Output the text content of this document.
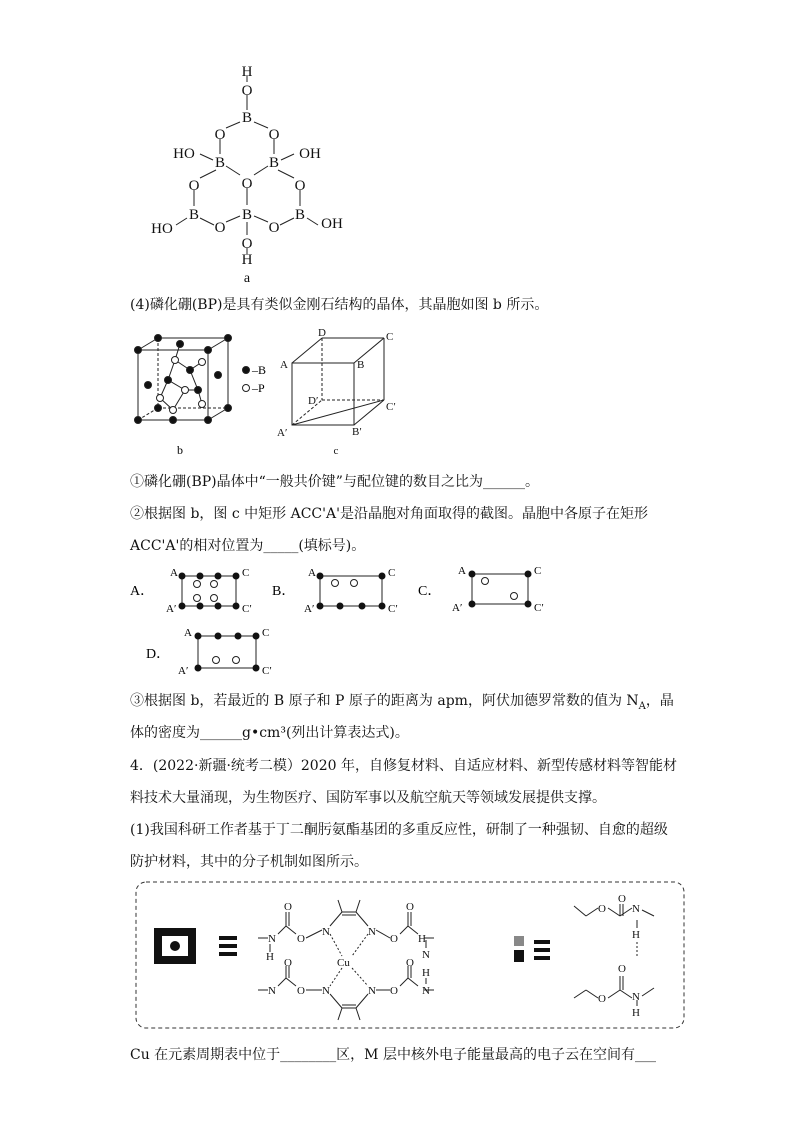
H
O
B
O	O
HO
B	B
OH
O
O	O
B	B	B
O	O
HO	OH
O
H
a
(4)磷化硼(BP)是具有类似金刚石结构的晶体，其晶胞如图 b 所示。
–B
–P
b
D	C
A	B
D′	C′
A′	B′
c
①磷化硼(BP)晶体中“一般共价键”与配位键的数目之比为______。
②根据图 b，图 c 中矩形 ACC'A'是沿晶胞对角面取得的截图。晶胞中各原子在矩形
ACC'A'的相对位置为_____(填标号)。
A．
A	C
A′	C′
B．
A	C
A′	C′
C．
A	C
A′	C′
D．
A	C
A′	C′
③根据图 b，若最近的 B 原子和 P 原子的距离为 apm，阿伏加德罗常数的值为 $N_A$，晶
体的密度为______g•cm³(列出计算表达式)。
4．(2022·新疆·统考二模）2020 年，自修复材料、自适应材料、新型传感材料等智能材
料技术大量涌现，为生物医疗、国防军事以及航空航天等领域发展提供支撑。
(1)我国科研工作者基于丁二酮肟氨酯基团的多重反应性，研制了一种强韧、自愈的超级
防护材料，其中的分子机制如图所示。
N
O
O
N	N
O
O
H
N
H	Cu
N
O
O N	N O
O
H
N
O
O
N
H
O
O N
H
Cu 在元素周期表中位于________区，M 层中核外电子能量最高的电子云在空间有___
